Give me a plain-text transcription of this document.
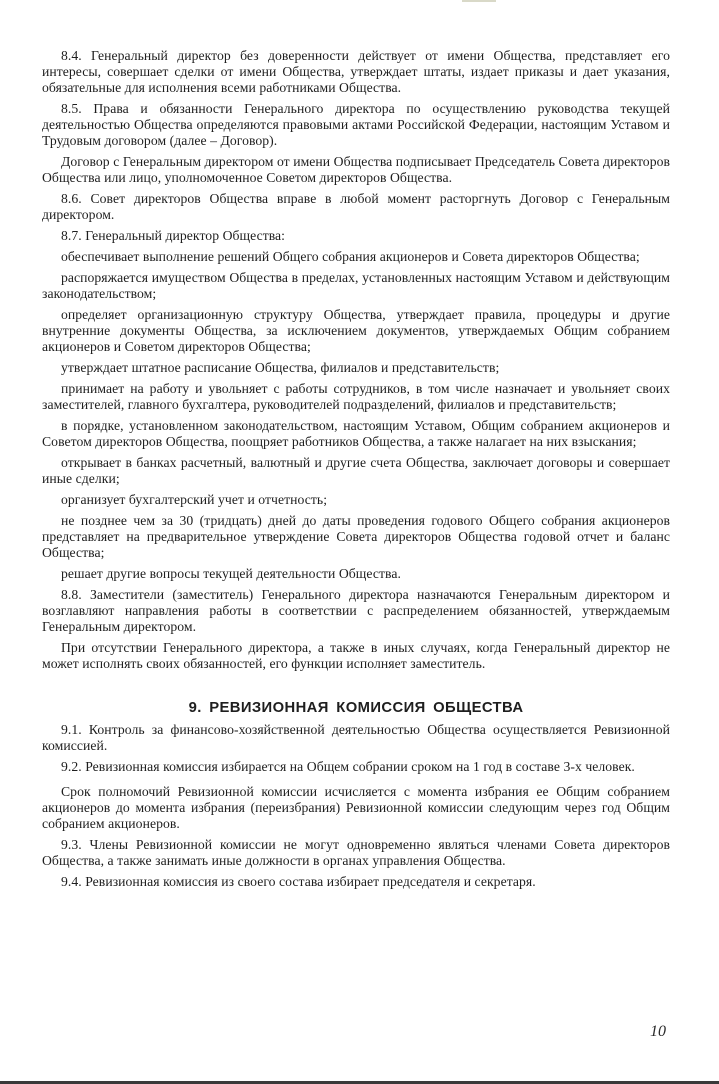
8.4. Генеральный директор без доверенности действует от имени Общества, представляет его интересы, совершает сделки от имени Общества, утверждает штаты, издает приказы и дает указания, обязательные для исполнения всеми работниками Общества.

8.5. Права и обязанности Генерального директора по осуществлению руководства текущей деятельностью Общества определяются правовыми актами Российской Федерации, настоящим Уставом и Трудовым договором (далее – Договор).

Договор с Генеральным директором от имени Общества подписывает Председатель Совета директоров Общества или лицо, уполномоченное Советом директоров Общества.

8.6. Совет директоров Общества вправе в любой момент расторгнуть Договор с Генеральным директором.

8.7. Генеральный директор Общества:

обеспечивает выполнение решений Общего собрания акционеров и Совета директоров Общества;

распоряжается имуществом Общества в пределах, установленных настоящим Уставом и действующим законодательством;

определяет организационную структуру Общества, утверждает правила, процедуры и другие внутренние документы Общества, за исключением документов, утверждаемых Общим собранием акционеров и Советом директоров Общества;

утверждает штатное расписание Общества, филиалов и представительств;

принимает на работу и увольняет с работы сотрудников, в том числе назначает и увольняет своих заместителей, главного бухгалтера, руководителей подразделений, филиалов и представительств;

в порядке, установленном законодательством, настоящим Уставом, Общим собранием акционеров и Советом директоров Общества, поощряет работников Общества, а также налагает на них взыскания;

открывает в банках расчетный, валютный и другие счета Общества, заключает договоры и совершает иные сделки;

организует бухгалтерский учет и отчетность;

не позднее чем за 30 (тридцать) дней до даты проведения годового Общего собрания акционеров представляет на предварительное утверждение Совета директоров Общества годовой отчет и баланс Общества;

решает другие вопросы текущей деятельности Общества.

8.8. Заместители (заместитель) Генерального директора назначаются Генеральным директором и возглавляют направления работы в соответствии с распределением обязанностей, утверждаемым Генеральным директором.

При отсутствии Генерального директора, а также в иных случаях, когда Генеральный директор не может исполнять своих обязанностей, его функции исполняет заместитель.

9. РЕВИЗИОННАЯ КОМИССИЯ ОБЩЕСТВА

9.1. Контроль за финансово-хозяйственной деятельностью Общества осуществляется Ревизионной комиссией.

9.2. Ревизионная комиссия избирается на Общем собрании сроком на 1 год в составе 3-х человек.

Срок полномочий Ревизионной комиссии исчисляется с момента избрания ее Общим собранием акционеров до момента избрания (переизбрания) Ревизионной комиссии следующим через год Общим собранием акционеров.

9.3. Члены Ревизионной комиссии не могут одновременно являться членами Совета директоров Общества, а также занимать иные должности в органах управления Общества.

9.4. Ревизионная комиссия из своего состава избирает председателя и секретаря.

10
